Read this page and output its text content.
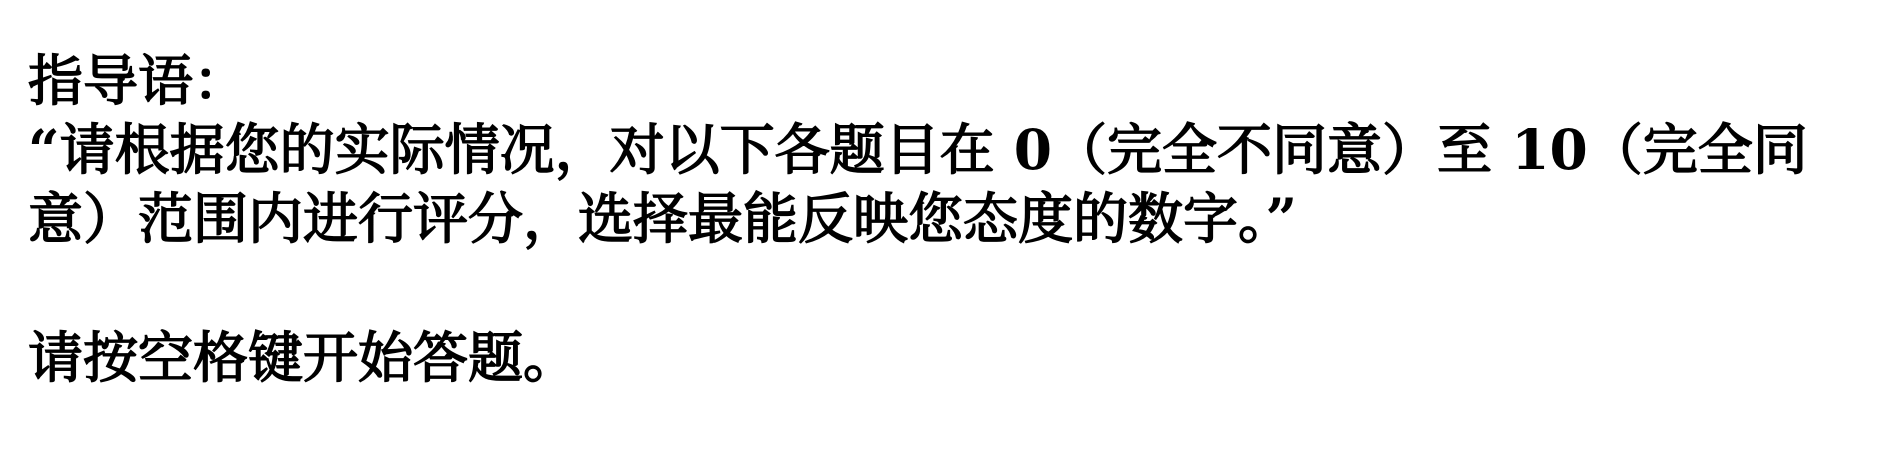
指导语：
“请根据您的实际情况，对以下各题目在 0（完全不同意）至 10（完全同
意）范围内进行评分，选择最能反映您态度的数字。”
请按空格键开始答题。
